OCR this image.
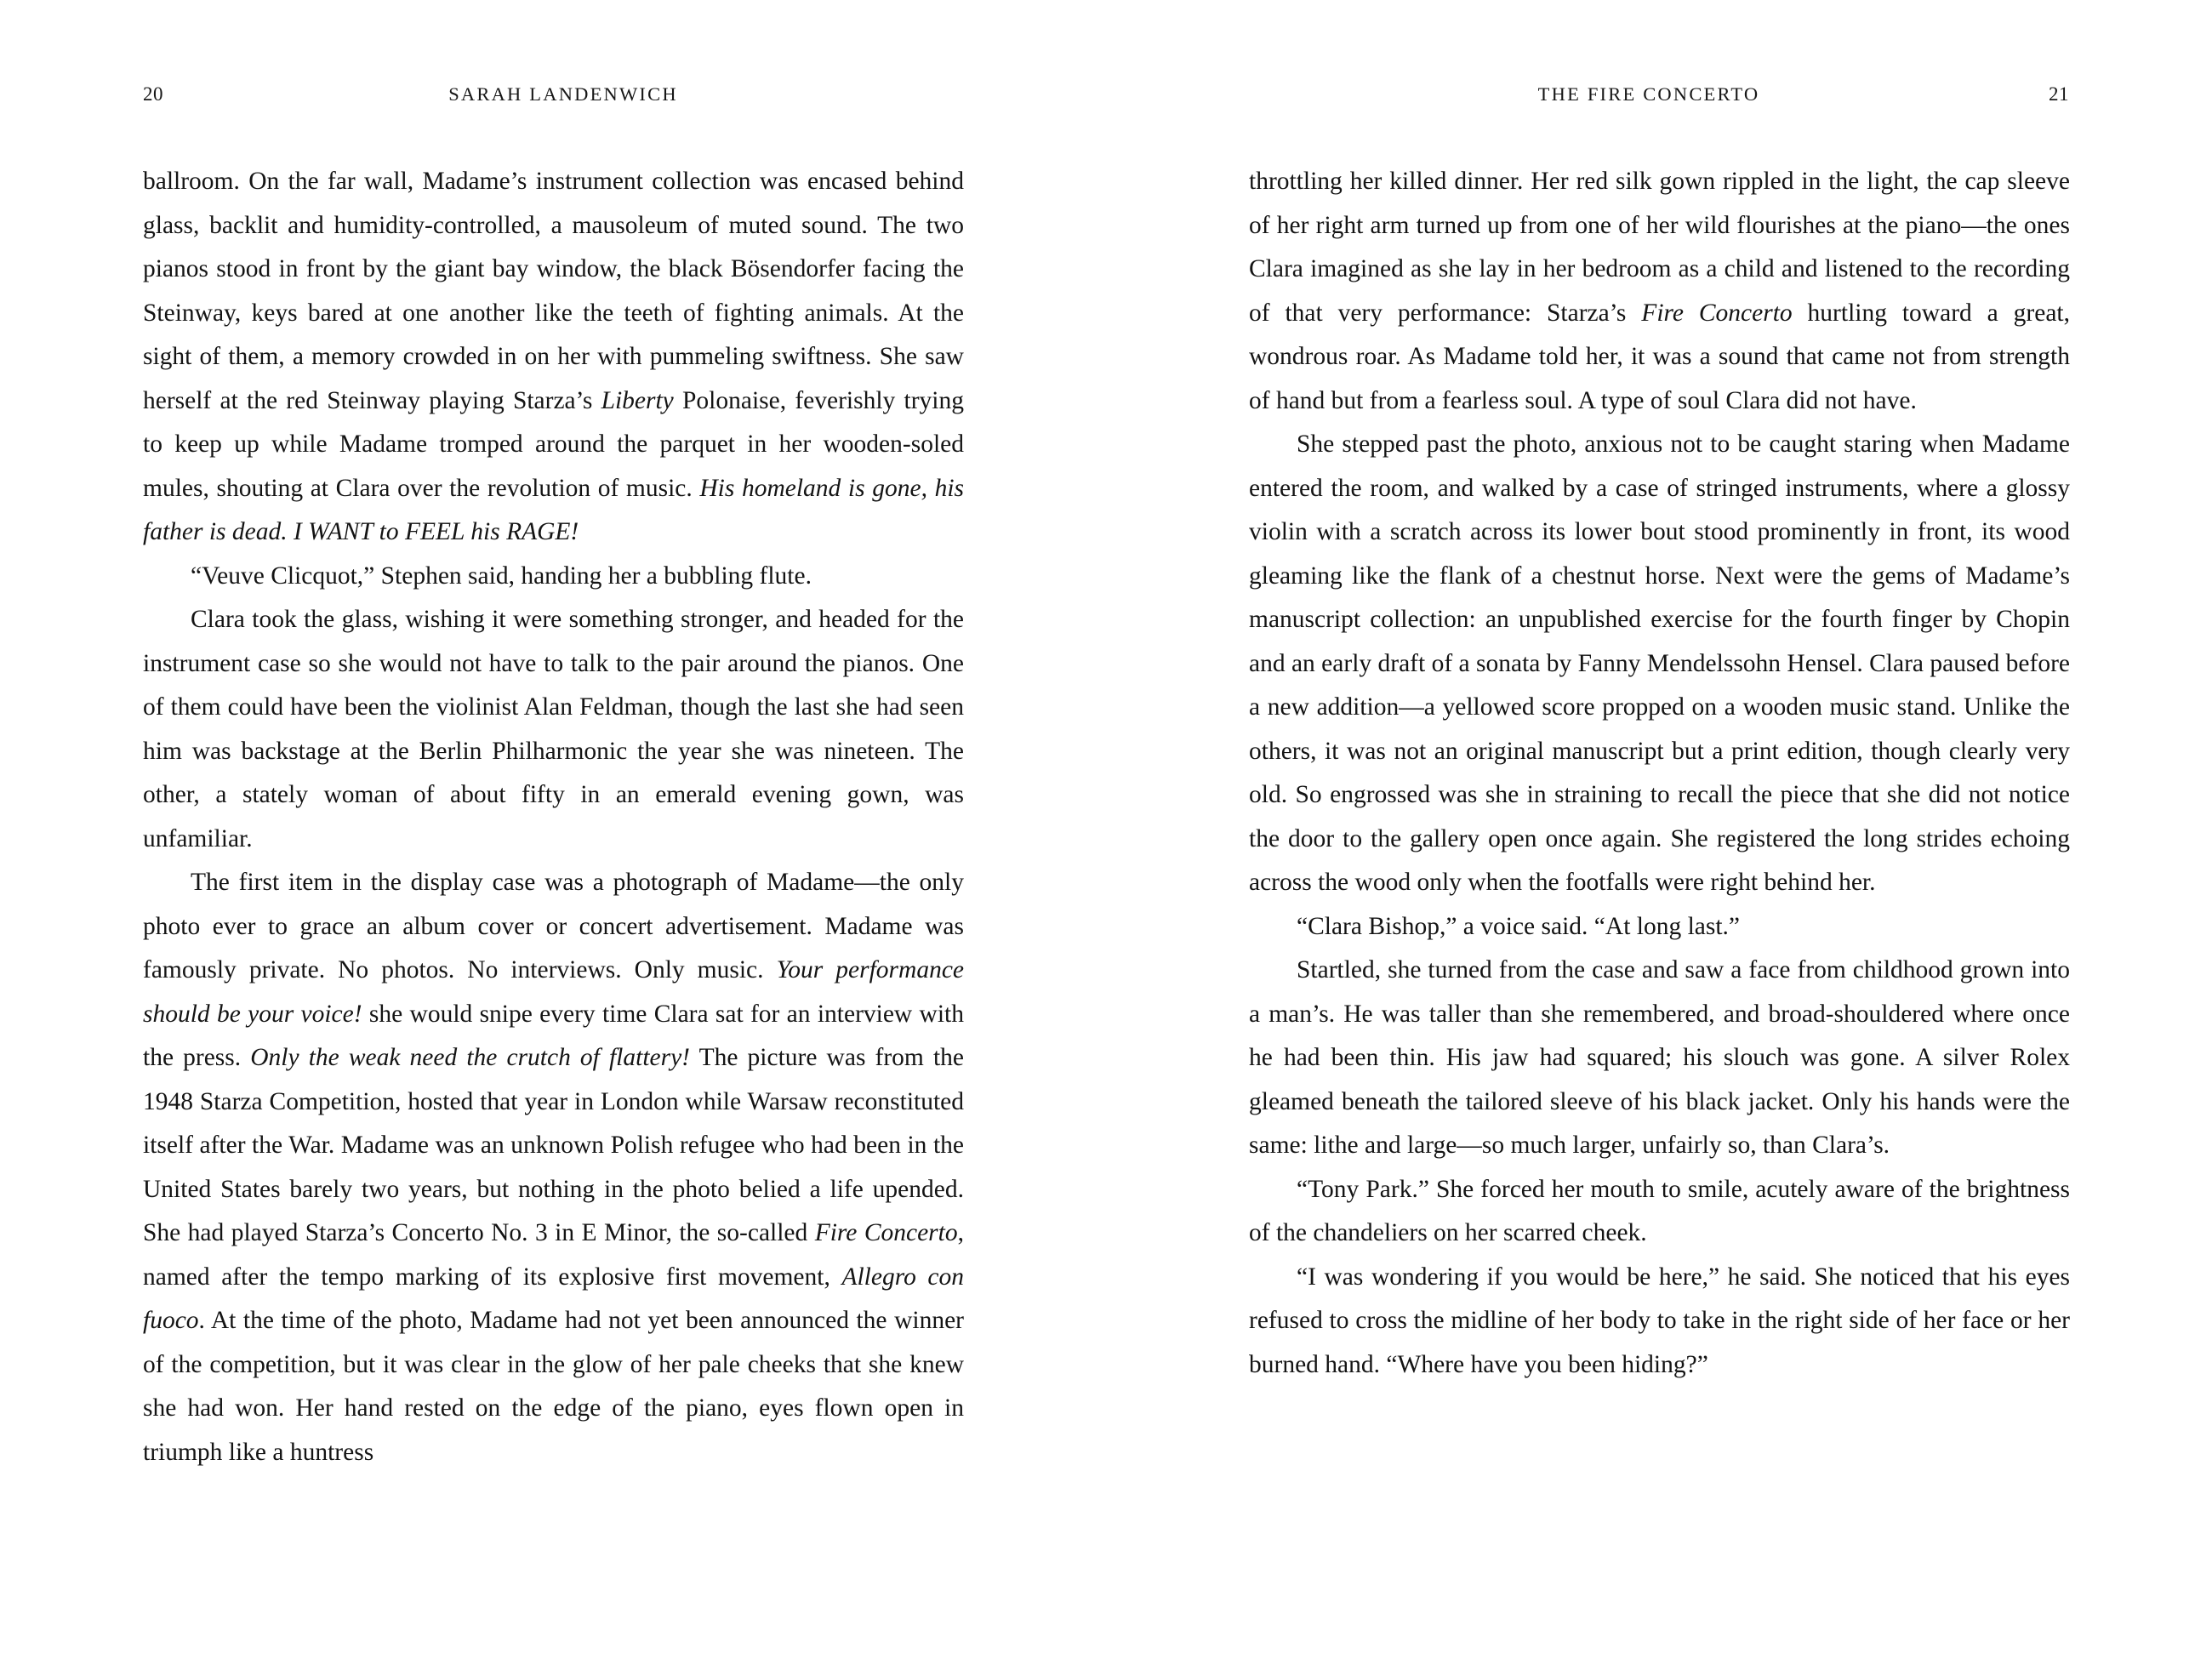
20	SARAH LANDENWICH

ballroom. On the far wall, Madame’s instrument collection was encased behind glass, backlit and humidity-controlled, a mausoleum of muted sound. The two pianos stood in front by the giant bay window, the black Bösendorfer facing the Steinway, keys bared at one another like the teeth of fighting animals. At the sight of them, a memory crowded in on her with pummeling swiftness. She saw herself at the red Steinway playing Starza’s Liberty Polonaise, feverishly trying to keep up while Madame tromped around the parquet in her wooden-soled mules, shouting at Clara over the revolution of music. His homeland is gone, his father is dead. I WANT to FEEL his RAGE!

“Veuve Clicquot,” Stephen said, handing her a bubbling flute.

Clara took the glass, wishing it were something stronger, and headed for the instrument case so she would not have to talk to the pair around the pianos. One of them could have been the violinist Alan Feldman, though the last she had seen him was backstage at the Berlin Philharmonic the year she was nineteen. The other, a stately woman of about fifty in an emerald evening gown, was unfamiliar.

The first item in the display case was a photograph of Madame—the only photo ever to grace an album cover or concert advertisement. Madame was famously private. No photos. No interviews. Only music. Your performance should be your voice! she would snipe every time Clara sat for an interview with the press. Only the weak need the crutch of flattery! The picture was from the 1948 Starza Competition, hosted that year in London while Warsaw reconstituted itself after the War. Madame was an unknown Polish refugee who had been in the United States barely two years, but nothing in the photo belied a life upended. She had played Starza’s Concerto No. 3 in E Minor, the so-called Fire Concerto, named after the tempo marking of its explosive first movement, Allegro con fuoco. At the time of the photo, Madame had not yet been announced the winner of the competition, but it was clear in the glow of her pale cheeks that she knew she had won. Her hand rested on the edge of the piano, eyes flown open in triumph like a huntress

THE FIRE CONCERTO	21

throttling her killed dinner. Her red silk gown rippled in the light, the cap sleeve of her right arm turned up from one of her wild flourishes at the piano—the ones Clara imagined as she lay in her bedroom as a child and listened to the recording of that very performance: Starza’s Fire Concerto hurtling toward a great, wondrous roar. As Madame told her, it was a sound that came not from strength of hand but from a fearless soul. A type of soul Clara did not have.

She stepped past the photo, anxious not to be caught staring when Madame entered the room, and walked by a case of stringed instruments, where a glossy violin with a scratch across its lower bout stood prominently in front, its wood gleaming like the flank of a chestnut horse. Next were the gems of Madame’s manuscript collection: an unpublished exercise for the fourth finger by Chopin and an early draft of a sonata by Fanny Mendelssohn Hensel. Clara paused before a new addition—a yellowed score propped on a wooden music stand. Unlike the others, it was not an original manuscript but a print edition, though clearly very old. So engrossed was she in straining to recall the piece that she did not notice the door to the gallery open once again. She registered the long strides echoing across the wood only when the footfalls were right behind her.

“Clara Bishop,” a voice said. “At long last.”

Startled, she turned from the case and saw a face from childhood grown into a man’s. He was taller than she remembered, and broad-shouldered where once he had been thin. His jaw had squared; his slouch was gone. A silver Rolex gleamed beneath the tailored sleeve of his black jacket. Only his hands were the same: lithe and large—so much larger, unfairly so, than Clara’s.

“Tony Park.” She forced her mouth to smile, acutely aware of the brightness of the chandeliers on her scarred cheek.

“I was wondering if you would be here,” he said. She noticed that his eyes refused to cross the midline of her body to take in the right side of her face or her burned hand. “Where have you been hiding?”
